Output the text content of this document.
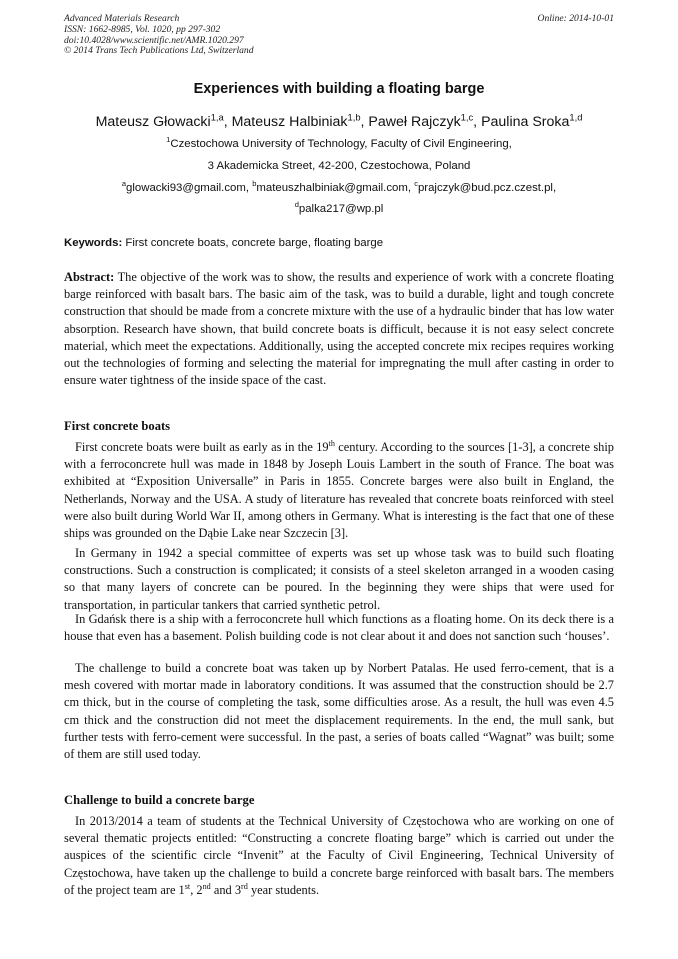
Advanced Materials Research
ISSN: 1662-8985, Vol. 1020, pp 297-302
doi:10.4028/www.scientific.net/AMR.1020.297
© 2014 Trans Tech Publications Ltd, Switzerland
Online: 2014-10-01
Experiences with building a floating barge
Mateusz Głowacki$^{1,a}$, Mateusz Halbiniak$^{1,b}$, Paweł Rajczyk$^{1,c}$, Paulina Sroka$^{1,d}$
$^1$Czestochowa University of Technology, Faculty of Civil Engineering,
3 Akademicka Street, 42-200, Czestochowa, Poland
$^a$glowacki93@gmail.com, $^b$mateuszhalbiniak@gmail.com, $^c$prajczyk@bud.pcz.czest.pl,
$^d$palka217@wp.pl
Keywords: First concrete boats, concrete barge, floating barge

Abstract: The objective of the work was to show, the results and experience of work with a concrete floating barge reinforced with basalt bars. The basic aim of the task, was to build a durable, light and tough concrete construction that should be made from a concrete mixture with the use of a hydraulic binder that has low water absorption. Research have shown, that build concrete boats is difficult, because it is not easy select concrete material, which meet the expectations. Additionally, using the accepted concrete mix recipes requires working out the technologies of forming and selecting the material for impregnating the mull after casting in order to ensure water tightness of the inside space of the cast.

First concrete boats

First concrete boats were built as early as in the 19th century. According to the sources [1-3], a concrete ship with a ferroconcrete hull was made in 1848 by Joseph Louis Lambert in the south of France. The boat was exhibited at “Exposition Universalle” in Paris in 1855. Concrete barges were also built in England, the Netherlands, Norway and the USA. A study of literature has revealed that concrete boats reinforced with steel were also built during World War II, among others in Germany. What is interesting is the fact that one of these ships was grounded on the Dąbie Lake near Szczecin [3].

In Germany in 1942 a special committee of experts was set up whose task was to build such floating constructions. Such a construction is complicated; it consists of a steel skeleton arranged in a wooden casing so that many layers of concrete can be poured. In the beginning they were ships that were used for transportation, in particular tankers that carried synthetic petrol.

In Gdańsk there is a ship with a ferroconcrete hull which functions as a floating home. On its deck there is a house that even has a basement. Polish building code is not clear about it and does not sanction such ‘houses’.

The challenge to build a concrete boat was taken up by Norbert Patalas. He used ferro-cement, that is a mesh covered with mortar made in laboratory conditions. It was assumed that the construction should be 2.7 cm thick, but in the course of completing the task, some difficulties arose. As a result, the hull was even 4.5 cm thick and the construction did not meet the displacement requirements. In the end, the mull sank, but further tests with ferro-cement were successful. In the past, a series of boats called “Wagnat” was built; some of them are still used today.

Challenge to build a concrete barge

In 2013/2014 a team of students at the Technical University of Częstochowa who are working on one of several thematic projects entitled: “Constructing a concrete floating barge” which is carried out under the auspices of the scientific circle “Invenit” at the Faculty of Civil Engineering, Technical University of Częstochowa, have taken up the challenge to build a concrete barge reinforced with basalt bars. The members of the project team are 1st, 2nd and 3rd year students.
